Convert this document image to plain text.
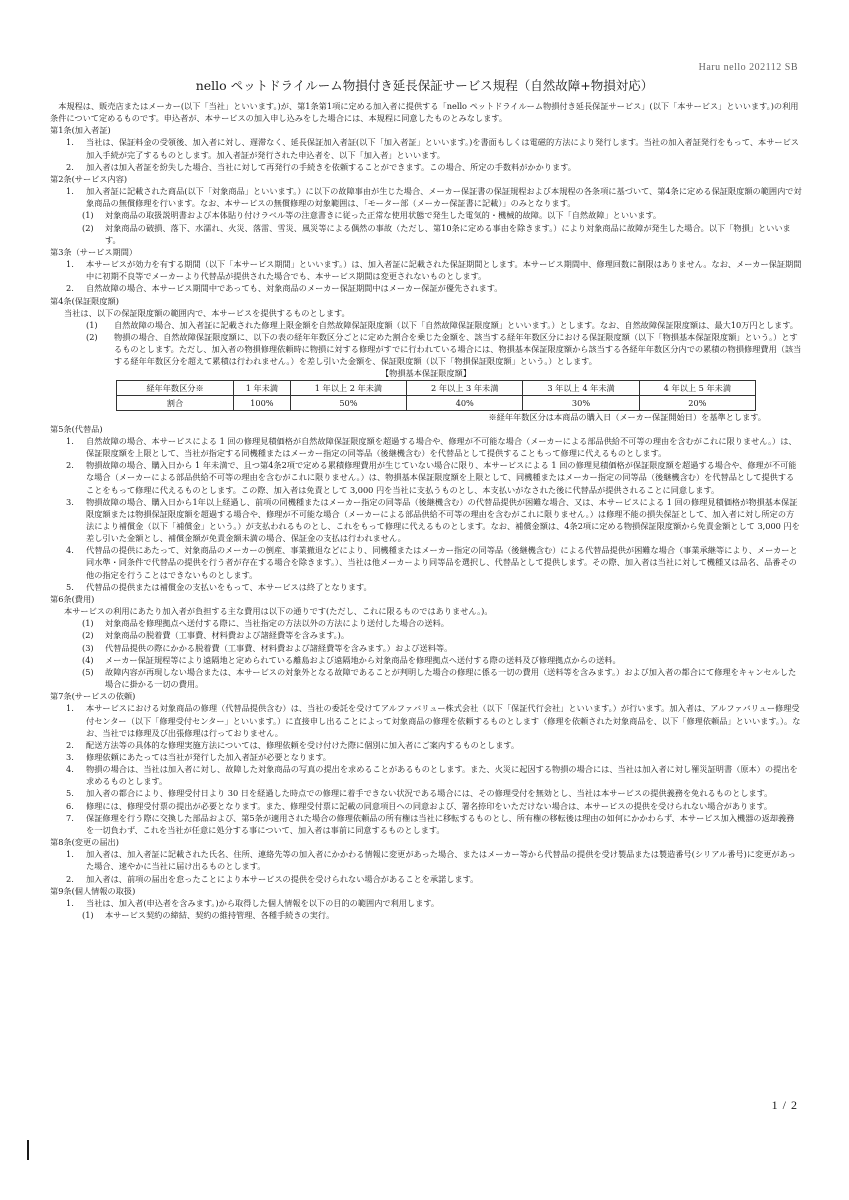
Haru nello 202112 SB
nello ペットドライルーム物損付き延長保証サービス規程（自然故障+物損対応）

本規程は、販売店またはメーカー(以下「当社」といいます。)が、第1条第1項に定める加入者に提供する「nello ペットドライルーム物損付き延長保証サービス」(以下「本サービス」といいます。)の利用条件について定めるものです。申込者が、本サービスの加入申し込みをした場合には、本規程に同意したものとみなします。

第1条(加入者証)

1.	当社は、保証料金の受領後、加入者に対し、遅滞なく、延長保証加入者証(以下「加入者証」といいます。)を書面もしくは電磁的方法により発行します。当社の加入者証発行をもって、本サービス加入手続が完了するものとします。加入者証が発行された申込者を、以下「加入者」といいます。
2.	加入者は加入者証を紛失した場合、当社に対して再発行の手続きを依頼することができます。この場合、所定の手数料がかかります。

第2条(サービス内容)

1.	加入者証に記載された商品(以下「対象商品」といいます。）に以下の故障事由が生じた場合、メーカー保証書の保証規程および本規程の各条項に基づいて、第4条に定める保証限度額の範囲内で対象商品の無償修理を行います。なお、本サービスの無償修理の対象範囲は、「モーター部（メーカー保証書に記載）」のみとなります。
(1)	対象商品の取扱説明書および本体貼り付けラベル等の注意書きに従った正常な使用状態で発生した電気的・機械的故障。以下「自然故障」といいます。
(2)	対象商品の破損、落下、水濡れ、火災、落雷、雪災、風災等による偶然の事故（ただし、第10条に定める事由を除きます。）により対象商品に故障が発生した場合。以下「物損」といいます。

第3条（サービス期間）

1.	本サービスが効力を有する期間（以下「本サービス期間」といいます。）は、加入者証に記載された保証期間とします。本サービス期間中、修理回数に制限はありません。なお、メーカー保証期間中に初期不良等でメーカーより代替品が提供された場合でも、本サービス期間は変更されないものとします。
2.	自然故障の場合、本サービス期間中であっても、対象商品のメーカー保証期間中はメーカー保証が優先されます。

第4条(保証限度額)

当社は、以下の保証限度額の範囲内で、本サービスを提供するものとします。

(1)	自然故障の場合、加入者証に記載された修理上限金額を自然故障保証限度額（以下「自然故障保証限度額」といいます。）とします。なお、自然故障保証限度額は、最大10万円とします。
(2)	物損の場合、自然故障保証限度額に、以下の表の経年年数区分ごとに定めた割合を乗じた金額を、該当する経年年数区分における保証限度額（以下「物損基本保証限度額」という。）とするものとします。ただし、加入者の物損修理依頼時に物損に対する修理がすでに行われている場合には、物損基本保証限度額から該当する各経年年数区分内での累積の物損修理費用（該当する経年年数区分を超えて累積は行われません。）を差し引いた金額を、保証限度額（以下「物損保証限度額」という。）とします。

【物損基本保証限度額】

経年年数区分※	1 年未満	1 年以上 2 年未満	2 年以上 3 年未満	3 年以上 4 年未満	4 年以上 5 年未満
割合	100%	50%	40%	30%	20%

※経年年数区分は本商品の購入日（メーカー保証開始日）を基準とします。

第5条(代替品)

1.	自然故障の場合、本サービスによる 1 回の修理見積価格が自然故障保証限度額を超過する場合や、修理が不可能な場合（メーカーによる部品供給不可等の理由を含むがこれに限りません。）は、保証限度額を上限として、当社が指定する同機種またはメーカー指定の同等品（後継機含む）を代替品として提供することもって修理に代えるものとします。
2.	物損故障の場合、購入日から 1 年未満で、且つ第4条2項で定める累積修理費用が生じていない場合に限り、本サービスによる 1 回の修理見積価格が保証限度額を超過する場合や、修理が不可能な場合（メーカーによる部品供給不可等の理由を含むがこれに限りません。）は、物損基本保証限度額を上限として、同機種またはメーカー指定の同等品（後継機含む）を代替品として提供することをもって修理に代えるものとします。この際、加入者は免責として 3,000 円を当社に支払うものとし、本支払いがなされた後に代替品が提供されることに同意します。
3.	物損故障の場合、購入日から1年以上経過し、前項の同機種またはメーカー指定の同等品（後継機含む）の代替品提供が困難な場合、又は、本サービスによる 1 回の修理見積価格が物損基本保証限度額または物損保証限度額を超過する場合や、修理が不可能な場合（メーカーによる部品供給不可等の理由を含むがこれに限りません。）は修理不能の損失保証として、加入者に対し所定の方法により補償金（以下「補償金」という。）が支払われるものとし、これをもって修理に代えるものとします。なお、補償金額は、4条2項に定める物損保証限度額から免責金額として 3,000 円を差し引いた金額とし、補償金額が免責金額未満の場合、保証金の支払は行われません。
4.	代替品の提供にあたって、対象商品のメーカーの倒産、事業撤退などにより、同機種またはメーカー指定の同等品（後継機含む）による代替品提供が困難な場合（事業承継等により、メーカーと同水準・同条件で代替品の提供を行う者が存在する場合を除きます。）、当社は他メーカーより同等品を選択し、代替品として提供します。その際、加入者は当社に対して機種又は品名、品番その他の指定を行うことはできないものとします。
5.	代替品の提供または補償金の支払いをもって、本サービスは終了となります。

第6条(費用)

本サービスの利用にあたり加入者が負担する主な費用は以下の通りです(ただし、これに限るものではありません。)。

(1)	対象商品を修理拠点へ送付する際に、当社指定の方法以外の方法により送付した場合の送料。
(2)	対象商品の脱着費（工事費、材料費および諸経費等を含みます。)。
(3)	代替品提供の際にかかる脱着費（工事費、材料費および諸経費等を含みます。）および送料等。
(4)	メーカー保証規程等により遠隔地と定められている離島および遠隔地から対象商品を修理拠点へ送付する際の送料及び修理拠点からの送料。
(5)	故障内容が再現しない場合または、本サービスの対象外となる故障であることが判明した場合の修理に係る一切の費用（送料等を含みます。）および加入者の都合にて修理をキャンセルした場合に掛かる一切の費用。

第7条(サービスの依頼)

1.	本サービスにおける対象商品の修理（代替品提供含む）は、当社の委託を受けてアルファバリュー株式会社（以下「保証代行会社」といいます。）が行います。加入者は、アルファバリュー修理受付センター（以下「修理受付センター」といいます。）に直接申し出ることによって対象商品の修理を依頼するものとします（修理を依頼された対象商品を、以下「修理依頼品」といいます。）。なお、当社では修理及び出張修理は行っておりません。
2.	配送方法等の具体的な修理実施方法については、修理依頼を受け付けた際に個別に加入者にご案内するものとします。
3.	修理依頼にあたっては当社が発行した加入者証が必要となります。
4.	物損の場合は、当社は加入者に対し、故障した対象商品の写真の提出を求めることがあるものとします。また、火災に起因する物損の場合には、当社は加入者に対し罹災証明書（原本）の提出を求めるものとします。
5.	加入者の都合により、修理受付日より 30 日を経過した時点での修理に着手できない状況である場合には、その修理受付を無効とし、当社は本サービスの提供義務を免れるものとします。
6.	修理には、修理受付票の提出が必要となります。また、修理受付票に記載の同意項目への同意および、署名捺印をいただけない場合は、本サービスの提供を受けられない場合があります。
7.	保証修理を行う際に交換した部品および、第5条が適用された場合の修理依頼品の所有権は当社に移転するものとし、所有権の移転後は理由の如何にかかわらず、本サービス加入機器の返却義務を一切負わず、これを当社が任意に処分する事について、加入者は事前に同意するものとします。

第8条(変更の届出)

1.	加入者は、加入者証に記載された氏名、住所、連絡先等の加入者にかかわる情報に変更があった場合、またはメーカー等から代替品の提供を受け製品または製造番号(シリアル番号)に変更があった場合、速やかに当社に届け出るものとします。
2.	加入者は、前項の届出を怠ったことにより本サービスの提供を受けられない場合があることを承諾します。

第9条(個人情報の取扱)

1.	当社は、加入者(申込者を含みます。)から取得した個人情報を以下の目的の範囲内で利用します。
(1)	本サービス契約の締結、契約の維持管理、各種手続きの実行。
1 / 2
